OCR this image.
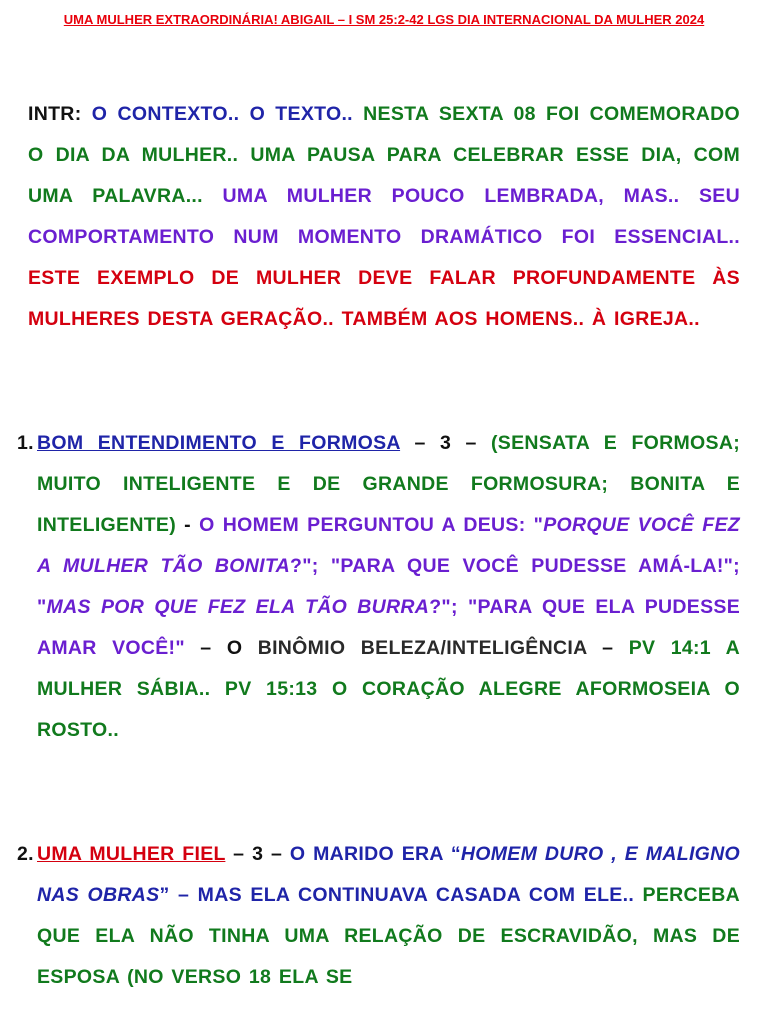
UMA MULHER EXTRAORDINÁRIA! ABIGAIL – I SM 25:2-42 LGS DIA INTERNACIONAL DA MULHER 2024
INTR: O CONTEXTO.. O TEXTO.. NESTA SEXTA 08 FOI COMEMORADO O DIA DA MULHER.. UMA PAUSA PARA CELEBRAR ESSE DIA, COM UMA PALAVRA... UMA MULHER POUCO LEMBRADA, MAS.. SEU COMPORTAMENTO NUM MOMENTO DRAMÁTICO FOI ESSENCIAL.. ESTE EXEMPLO DE MULHER DEVE FALAR PROFUNDAMENTE ÀS MULHERES DESTA GERAÇÃO.. TAMBÉM AOS HOMENS.. À IGREJA..
1. BOM ENTENDIMENTO E FORMOSA – 3 – (SENSATA E FORMOSA; MUITO INTELIGENTE E DE GRANDE FORMOSURA; BONITA E INTELIGENTE) - O HOMEM PERGUNTOU A DEUS: "PORQUE VOCÊ FEZ A MULHER TÃO BONITA?"; "PARA QUE VOCÊ PUDESSE AMÁ-LA!"; "MAS POR QUE FEZ ELA TÃO BURRA?"; "PARA QUE ELA PUDESSE AMAR VOCÊ!" – O BINÔMIO BELEZA/INTELIGÊNCIA – PV 14:1 A MULHER SÁBIA.. PV 15:13 O CORAÇÃO ALEGRE AFORMOSEIA O ROSTO..
2. UMA MULHER FIEL – 3 – O MARIDO ERA “HOMEM DURO , E MALIGNO NAS OBRAS” – MAS ELA CONTINUAVA CASADA COM ELE.. PERCEBA QUE ELA NÃO TINHA UMA RELAÇÃO DE ESCRAVIDÃO, MAS DE ESPOSA (NO VERSO 18 ELA SE
